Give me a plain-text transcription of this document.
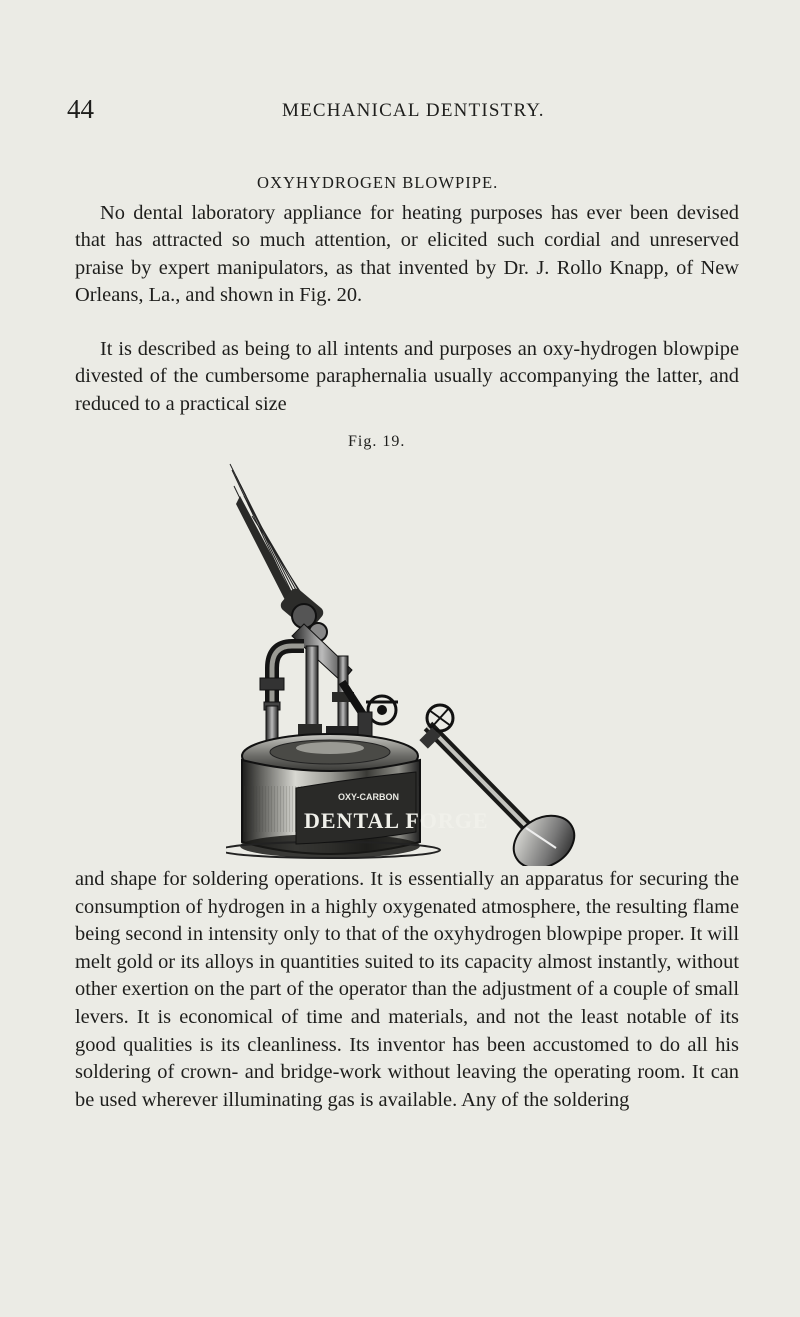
44	MECHANICAL DENTISTRY.
OXYHYDROGEN BLOWPIPE.

No dental laboratory appliance for heating purposes has ever been devised that has attracted so much attention, or elicited such cordial and unreserved praise by expert manipulators, as that invented by Dr. J. Rollo Knapp, of New Orleans, La., and shown in Fig. 20.

It is described as being to all intents and purposes an oxy-hydrogen blowpipe divested of the cumbersome paraphernalia usually accompanying the latter, and reduced to a practical size

Fig. 19.
OXY-CARBON
DENTAL FORGE

and shape for soldering operations. It is essentially an apparatus for securing the consumption of hydrogen in a highly oxygenated atmosphere, the resulting flame being second in intensity only to that of the oxyhydrogen blowpipe proper. It will melt gold or its alloys in quantities suited to its capacity almost instantly, without other exertion on the part of the operator than the adjustment of a couple of small levers. It is economical of time and materials, and not the least notable of its good qualities is its cleanliness. Its inventor has been accustomed to do all his soldering of crown- and bridge-work without leaving the operating room. It can be used wherever illuminating gas is available. Any of the soldering
